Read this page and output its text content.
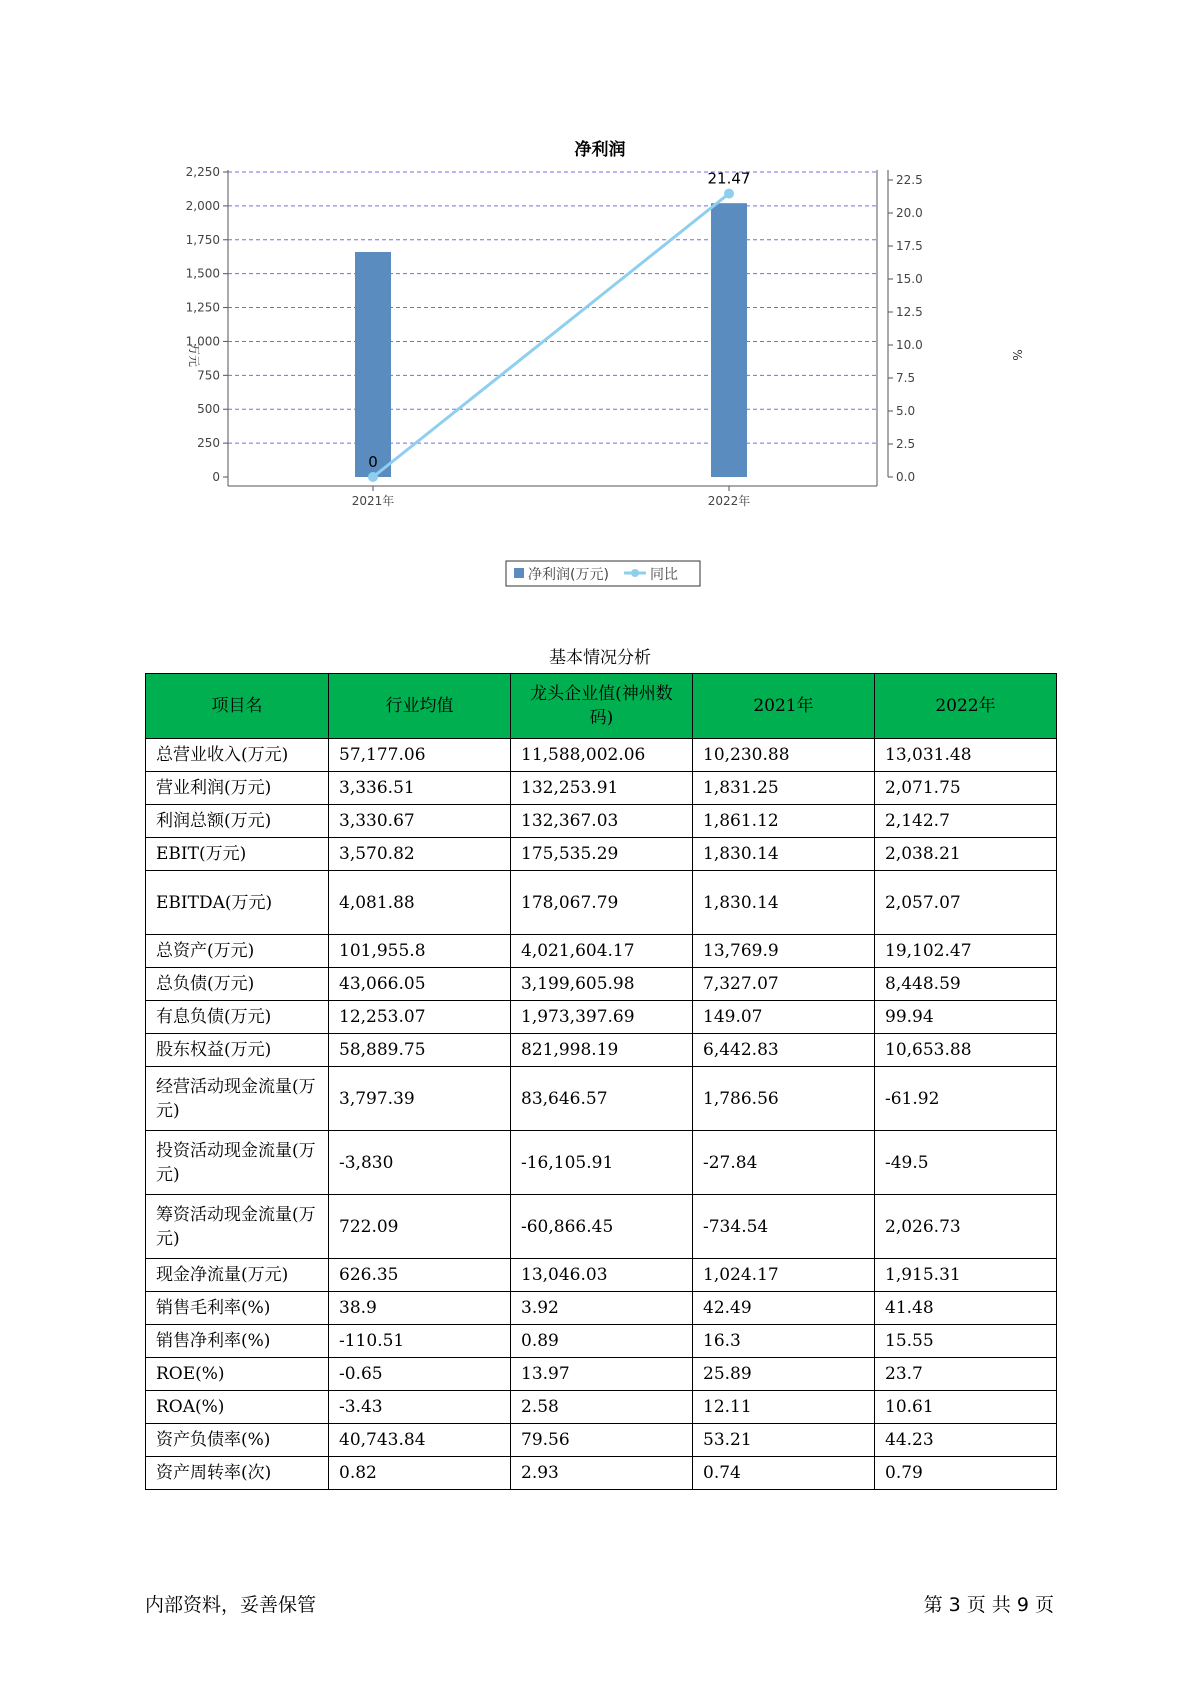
净利润
0
250
500
750
1,000
1,250
1,500
1,750
2,000
2,250
0.0
2.5
5.0
7.5
10.0
12.5
15.0
17.5
20.0
22.5
万元	%
2021年	2022年
0
21.47
净利润(万元)	同比
基本情况分析
项目名	行业均值	龙头企业值(神州数码)	2021年	2022年
总营业收入(万元)	57,177.06	11,588,002.06	10,230.88	13,031.48
营业利润(万元)	3,336.51	132,253.91	1,831.25	2,071.75
利润总额(万元)	3,330.67	132,367.03	1,861.12	2,142.7
EBIT(万元)	3,570.82	175,535.29	1,830.14	2,038.21
EBITDA(万元)	4,081.88	178,067.79	1,830.14	2,057.07
总资产(万元)	101,955.8	4,021,604.17	13,769.9	19,102.47
总负债(万元)	43,066.05	3,199,605.98	7,327.07	8,448.59
有息负债(万元)	12,253.07	1,973,397.69	149.07	99.94
股东权益(万元)	58,889.75	821,998.19	6,442.83	10,653.88
经营活动现金流量(万元)	3,797.39	83,646.57	1,786.56	-61.92
投资活动现金流量(万元)	-3,830	-16,105.91	-27.84	-49.5
筹资活动现金流量(万元)	722.09	-60,866.45	-734.54	2,026.73
现金净流量(万元)	626.35	13,046.03	1,024.17	1,915.31
销售毛利率(%)	38.9	3.92	42.49	41.48
销售净利率(%)	-110.51	0.89	16.3	15.55
ROE(%)	-0.65	13.97	25.89	23.7
ROA(%)	-3.43	2.58	12.11	10.61
资产负债率(%)	40,743.84	79.56	53.21	44.23
资产周转率(次)	0.82	2.93	0.74	0.79
内部资料，妥善保管	第 3 页 共 9 页
